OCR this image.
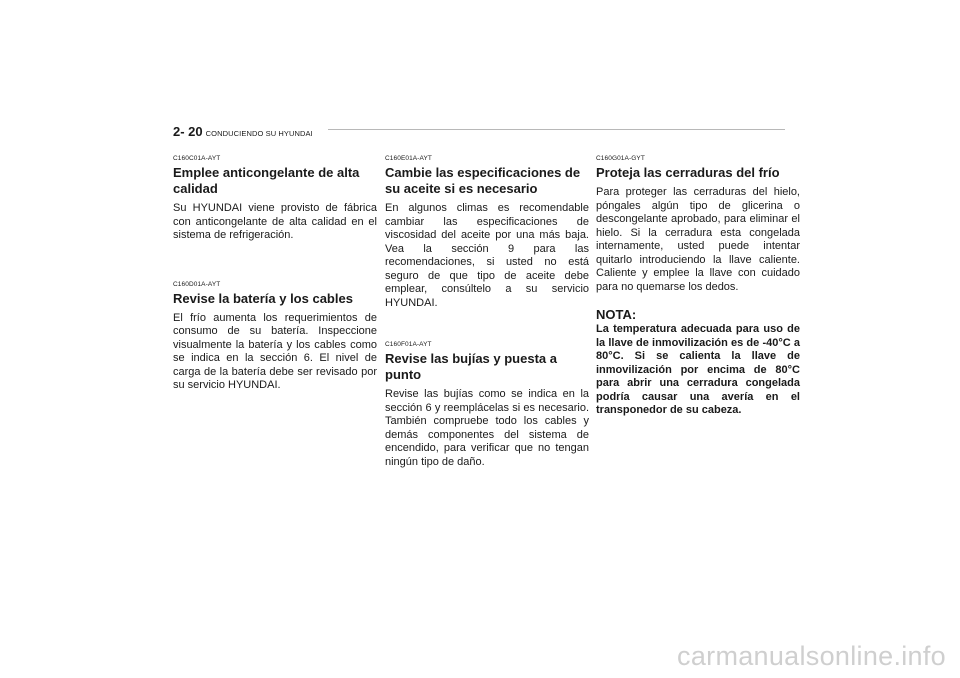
2- 20 CONDUCIENDO SU HYUNDAI
C160C01A-AYT
Emplee anticongelante de alta calidad
Su HYUNDAI viene provisto de fábrica con anticongelante de alta calidad en el sistema de refrigeración.
C160D01A-AYT
Revise la batería y los cables
El frío aumenta los requerimientos de consumo de su batería. Inspeccione visualmente la batería y los cables como se indica en la sección 6. El nivel de carga de la batería debe ser revisado por su servicio HYUNDAI.
C160E01A-AYT
Cambie las especificaciones de su aceite si es necesario
En algunos climas es recomendable cambiar las especificaciones de viscosidad del aceite por una más baja. Vea la sección 9 para las recomendaciones, si usted no está seguro de que tipo de aceite debe emplear, consúltelo a su servicio HYUNDAI.
C160F01A-AYT
Revise las bujías y puesta a punto
Revise las bujías como se indica en la sección 6 y reemplácelas si es necesario. También compruebe todo los cables y demás componentes del sistema de encendido, para verificar que no tengan ningún tipo de daño.
C160G01A-GYT
Proteja las cerraduras del frío
Para proteger las cerraduras del hielo, póngales algún tipo de glicerina o descongelante aprobado, para eliminar el hielo. Si la cerradura esta congelada internamente, usted puede intentar quitarlo introduciendo la llave caliente. Caliente y emplee la llave con cuidado para no quemarse los dedos.
NOTA:
La temperatura adecuada para uso de la llave de inmovilización es de -40°C a 80°C. Si se calienta la llave de inmovilización por encima de 80°C para abrir una cerradura congelada podría causar una avería en el transponedor de su cabeza.
carmanualsonline.info
